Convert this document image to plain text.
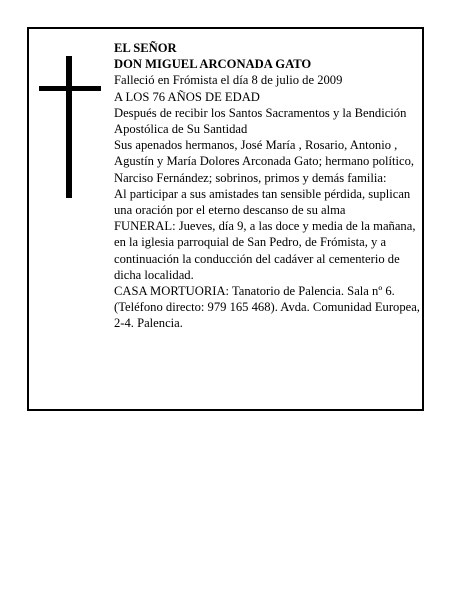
EL SEÑOR

DON MIGUEL ARCONADA GATO

Falleció en Frómista el día 8 de julio de 2009

A LOS 76 AÑOS DE EDAD

Después de recibir los Santos Sacramentos y la Bendición Apostólica de Su Santidad

Sus apenados hermanos, José María , Rosario, Antonio , Agustín y María Dolores Arconada Gato; hermano político, Narciso Fernández; sobrinos, primos y demás familia:

Al participar a sus amistades tan sensible pérdida, suplican una oración por el eterno descanso de su alma

FUNERAL: Jueves, día 9, a las doce y media de la mañana, en la iglesia parroquial de San Pedro, de Frómista, y a continuación la conducción del cadáver al cementerio de dicha localidad.

CASA MORTUORIA: Tanatorio de Palencia. Sala nº 6. (Teléfono directo: 979 165 468). Avda. Comunidad Europea, 2-4. Palencia.
